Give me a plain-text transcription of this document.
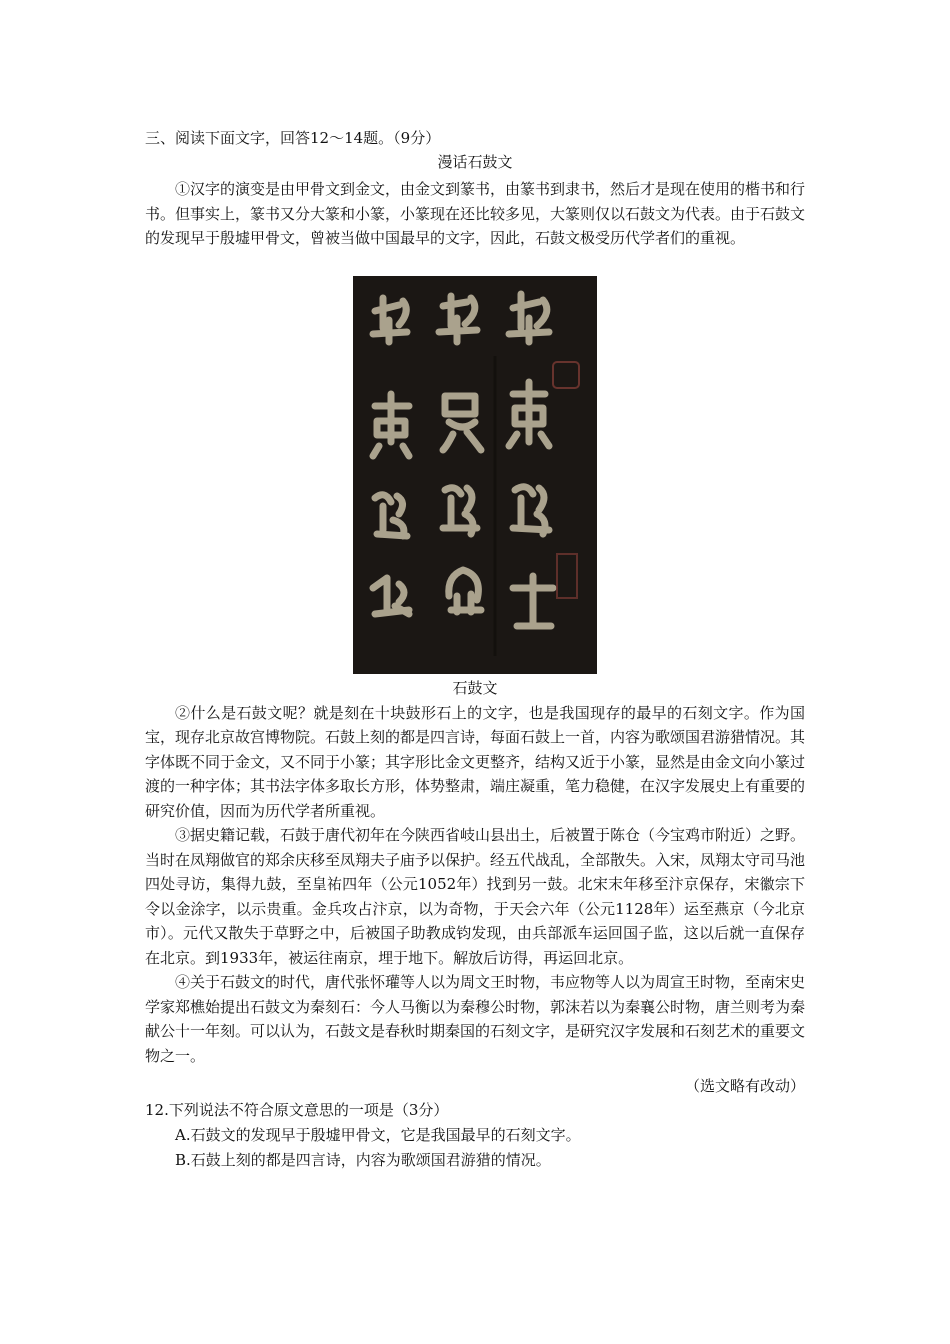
三、阅读下面文字，回答12～14题。（9分）

漫话石鼓文

①汉字的演变是由甲骨文到金文，由金文到篆书，由篆书到隶书，然后才是现在使用的楷书和行书。但事实上，篆书又分大篆和小篆，小篆现在还比较多见，大篆则仅以石鼓文为代表。由于石鼓文的发现早于殷墟甲骨文，曾被当做中国最早的文字，因此，石鼓文极受历代学者们的重视。

石鼓文

②什么是石鼓文呢？就是刻在十块鼓形石上的文字，也是我国现存的最早的石刻文字。作为国宝，现存北京故宫博物院。石鼓上刻的都是四言诗，每面石鼓上一首，内容为歌颂国君游猎情况。其字体既不同于金文，又不同于小篆；其字形比金文更整齐，结构又近于小篆，显然是由金文向小篆过渡的一种字体；其书法字体多取长方形，体势整肃，端庄凝重，笔力稳健，在汉字发展史上有重要的研究价值，因而为历代学者所重视。

③据史籍记载，石鼓于唐代初年在今陕西省岐山县出土，后被置于陈仓（今宝鸡市附近）之野。当时在凤翔做官的郑余庆移至凤翔夫子庙予以保护。经五代战乱，全部散失。入宋，凤翔太守司马池四处寻访，集得九鼓，至皇祐四年（公元1052年）找到另一鼓。北宋末年移至汴京保存，宋徽宗下令以金涂字，以示贵重。金兵攻占汴京，以为奇物，于天会六年（公元1128年）运至燕京（今北京市）。元代又散失于草野之中，后被国子助教成钧发现，由兵部派车运回国子监，这以后就一直保存在北京。到1933年，被运往南京，埋于地下。解放后访得，再运回北京。

④关于石鼓文的时代，唐代张怀瓘等人以为周文王时物，韦应物等人以为周宣王时物，至南宋史学家郑樵始提出石鼓文为秦刻石：今人马衡以为秦穆公时物，郭沫若以为秦襄公时物，唐兰则考为秦献公十一年刻。可以认为，石鼓文是春秋时期秦国的石刻文字，是研究汉字发展和石刻艺术的重要文物之一。

（选文略有改动）

12.下列说法不符合原文意思的一项是（3分）

A.石鼓文的发现早于殷墟甲骨文，它是我国最早的石刻文字。

B.石鼓上刻的都是四言诗，内容为歌颂国君游猎的情况。
